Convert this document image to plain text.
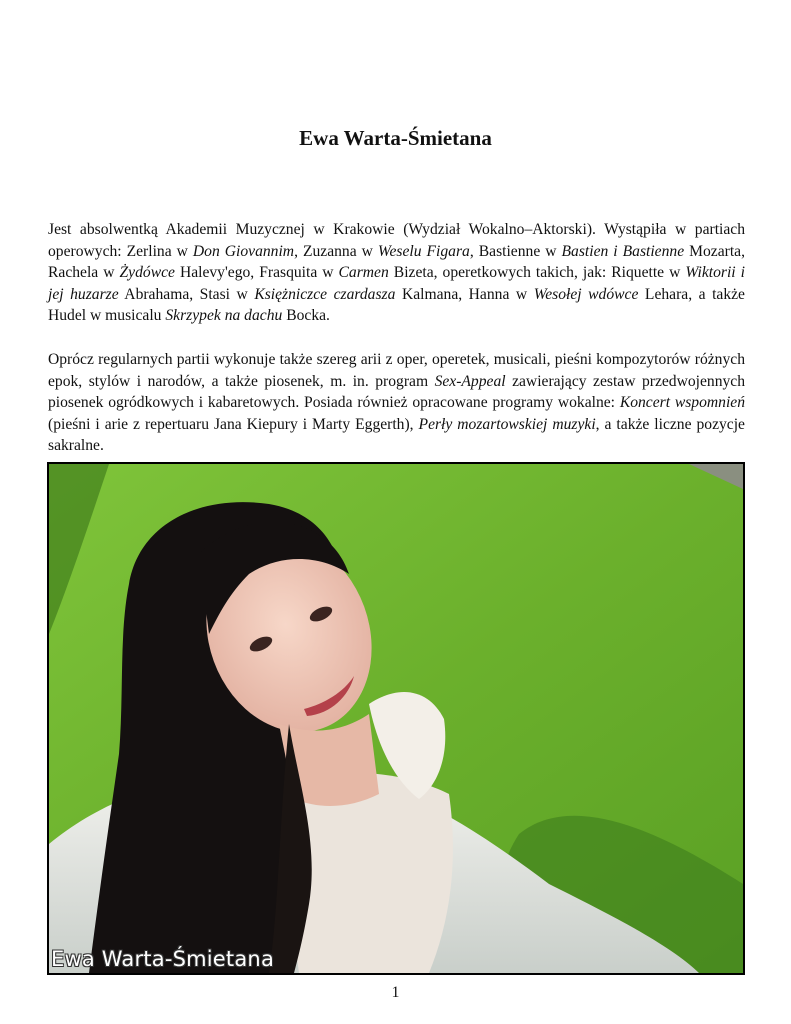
Ewa Warta-Śmietana

Jest absolwentką Akademii Muzycznej w Krakowie (Wydział Wokalno–Aktorski). Wystąpiła w partiach operowych: Zerlina w Don Giovannim, Zuzanna w Weselu Figara, Bastienne w Bastien i Bastienne Mozarta, Rachela w Żydówce Halevy'ego, Frasquita w Carmen Bizeta, operetkowych takich, jak: Riquette w Wiktorii i jej huzarze Abrahama, Stasi w Księżniczce czardasza Kalmana, Hanna w Wesołej wdówce Lehara, a także Hudel w musicalu Skrzypek na dachu Bocka.

Oprócz regularnych partii wykonuje także szereg arii z oper, operetek, musicali, pieśni kompozytorów różnych epok, stylów i narodów, a także piosenek, m. in. program Sex-Appeal zawierający zestaw przedwojennych piosenek ogródkowych i kabaretowych. Posiada również opracowane programy wokalne: Koncert wspomnień (pieśni i arie z repertuaru Jana Kiepury i Marty Eggerth), Perły mozartowskiej muzyki, a także liczne pozycje sakralne.

Ewa Warta-Śmietana
1
